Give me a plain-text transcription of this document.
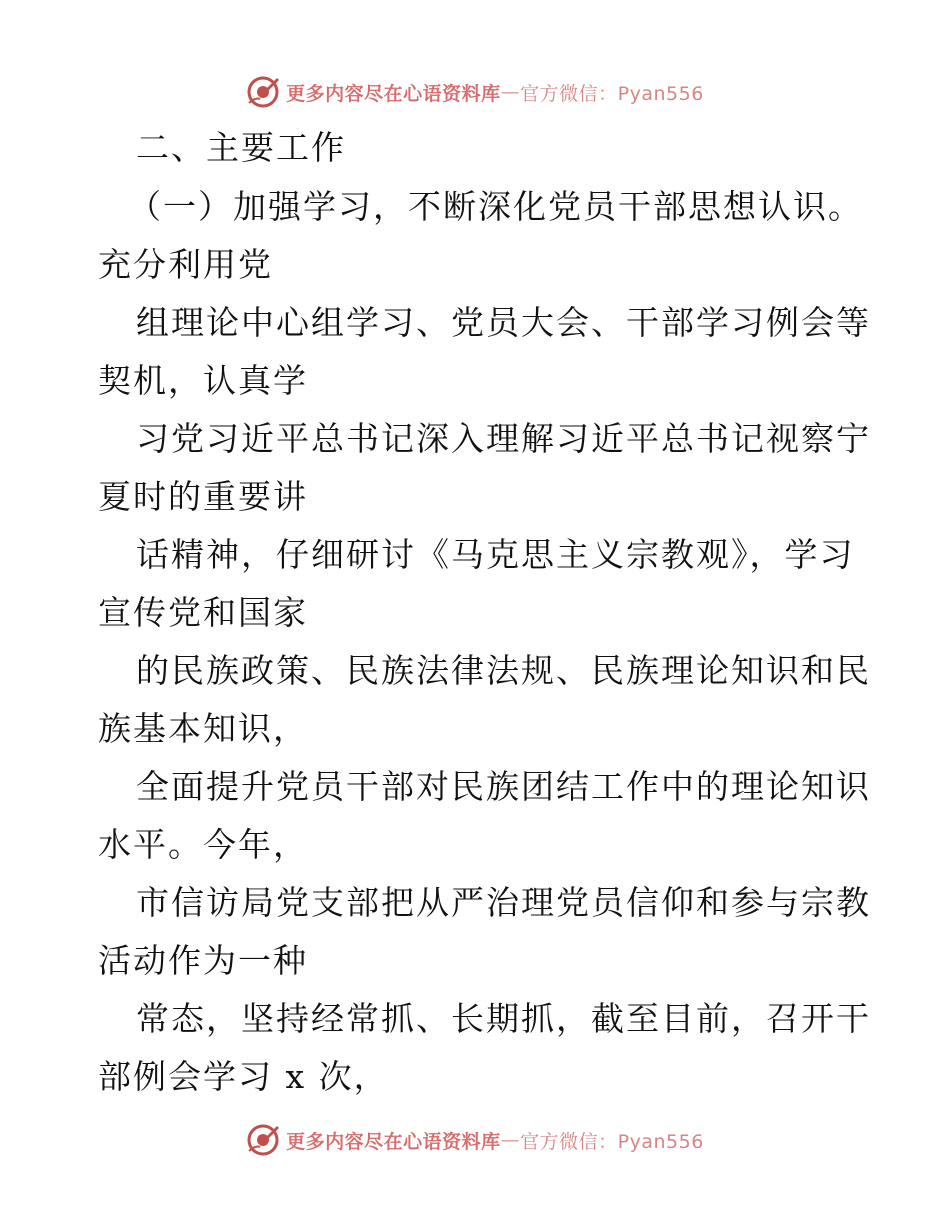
更多内容尽在心语资料库 — 官方微信：Pyan556
二、主要工作
（一）加强学习，不断深化党员干部思想认识。
充分利用党
组理论中心组学习、党员大会、干部学习例会等
契机，认真学
习党习近平总书记深入理解习近平总书记视察宁
夏时的重要讲
话精神，仔细研讨《马克思主义宗教观》，学习
宣传党和国家
的民族政策、民族法律法规、民族理论知识和民
族基本知识，
全面提升党员干部对民族团结工作中的理论知识
水平。今年，
市信访局党支部把从严治理党员信仰和参与宗教
活动作为一种
常态，坚持经常抓、长期抓，截至目前，召开干
部例会学习 x 次，
更多内容尽在心语资料库 — 官方微信：Pyan556
